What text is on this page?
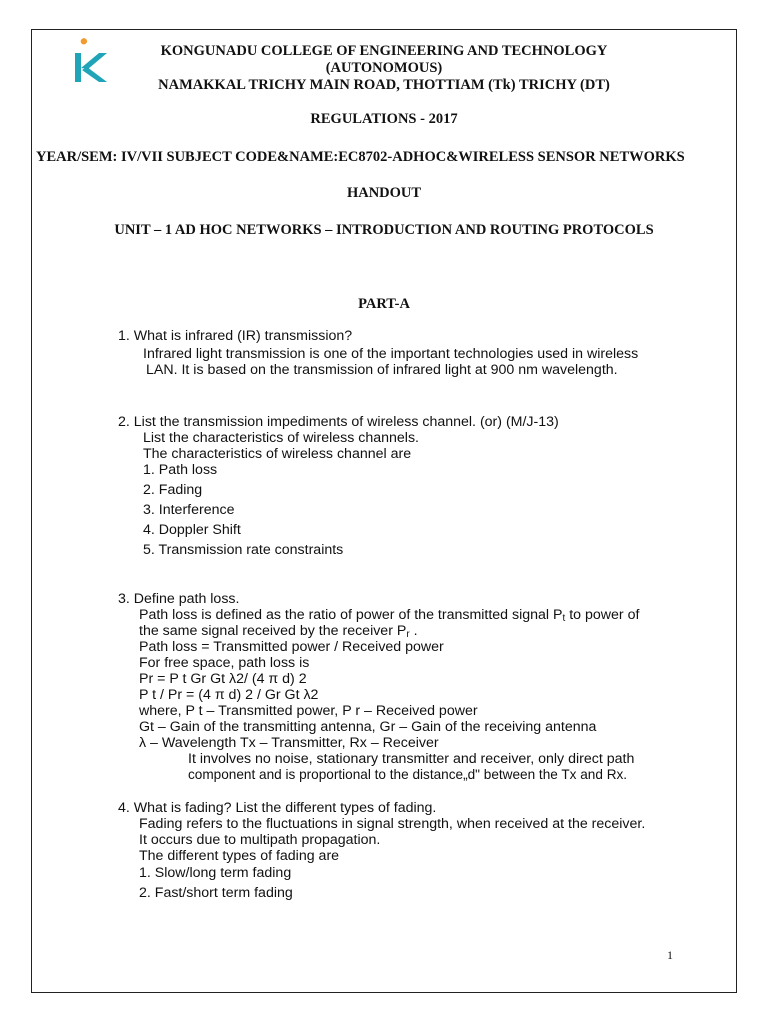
KONGUNADU COLLEGE OF ENGINEERING AND TECHNOLOGY
(AUTONOMOUS)
NAMAKKAL TRICHY MAIN ROAD, THOTTIAM (Tk) TRICHY (DT)
REGULATIONS - 2017
YEAR/SEM: IV/VII SUBJECT CODE&NAME:EC8702-ADHOC&WIRELESS SENSOR NETWORKS
HANDOUT
UNIT – 1 AD HOC NETWORKS – INTRODUCTION AND ROUTING PROTOCOLS
PART-A
1. What is infrared (IR) transmission?
Infrared light transmission is one of the important technologies used in wireless
LAN. It is based on the transmission of infrared light at 900 nm wavelength.
2. List the transmission impediments of wireless channel. (or) (M/J-13)
List the characteristics of wireless channels.
The characteristics of wireless channel are
1. Path loss
2. Fading
3. Interference
4. Doppler Shift
5. Transmission rate constraints
3. Define path loss.
Path loss is defined as the ratio of power of the transmitted signal Pt to power of
the same signal received by the receiver Pr .
Path loss = Transmitted power / Received power
For free space, path loss is
Pr = P t Gr Gt λ2/ (4 π d) 2
P t / Pr = (4 π d) 2 / Gr Gt λ2
where, P t – Transmitted power, P r – Received power
Gt – Gain of the transmitting antenna, Gr – Gain of the receiving antenna
λ – Wavelength Tx – Transmitter, Rx – Receiver
It involves no noise, stationary transmitter and receiver, only direct path
component and is proportional to the distance„d" between the Tx and Rx.
4. What is fading? List the different types of fading.
Fading refers to the fluctuations in signal strength, when received at the receiver.
It occurs due to multipath propagation.
The different types of fading are
1. Slow/long term fading
2. Fast/short term fading
1
